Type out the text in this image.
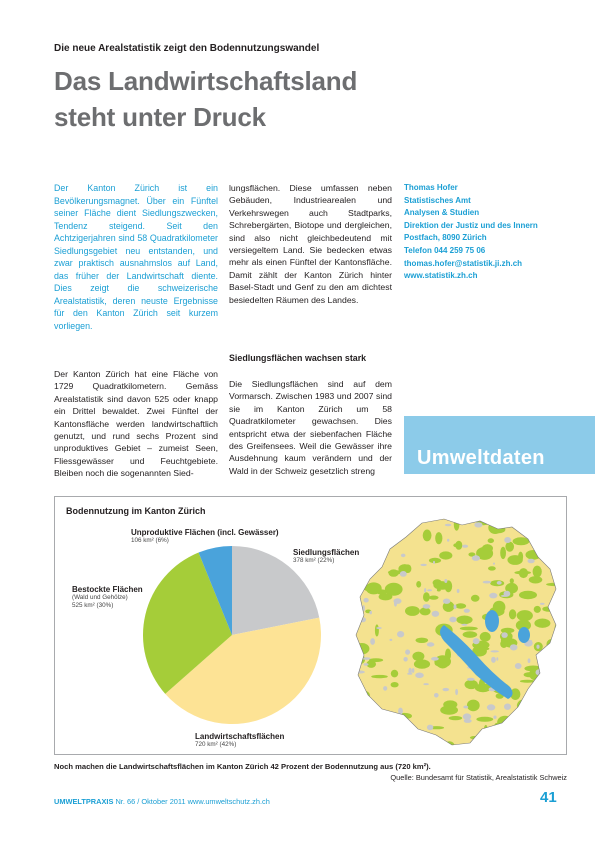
Die neue Arealstatistik zeigt den Bodennutzungswandel
Das Landwirtschaftsland
steht unter Druck
Der Kanton Zürich ist ein Bevölkerungsmagnet. Über ein Fünftel seiner Fläche dient Siedlungszwecken, Tendenz steigend. Seit den Achtzigerjahren sind 58 Quadratkilometer Siedlungsgebiet neu entstanden, und zwar praktisch ausnahmslos auf Land, das früher der Landwirtschaft diente. Dies zeigt die schweizerische Arealstatistik, deren neuste Ergebnisse für den Kanton Zürich seit kurzem vorliegen.
Der Kanton Zürich hat eine Fläche von 1729 Quadratkilometern. Gemäss Arealstatistik sind davon 525 oder knapp ein Drittel bewaldet. Zwei Fünftel der Kantonsfläche werden landwirtschaftlich genutzt, und rund sechs Prozent sind unproduktives Gebiet – zumeist Seen, Fliessgewässer und Feuchtgebiete. Bleiben noch die sogenannten Sied-
lungsflächen. Diese umfassen neben Gebäuden, Industriearealen und Verkehrswegen auch Stadtparks, Schrebergärten, Biotope und dergleichen, sind also nicht gleichbedeutend mit versiegeltem Land. Sie bedecken etwas mehr als einen Fünftel der Kantonsfläche. Damit zählt der Kanton Zürich hinter Basel-Stadt und Genf zu den am dichtest besiedelten Räumen des Landes.
Siedlungsflächen wachsen stark
Die Siedlungsflächen sind auf dem Vormarsch. Zwischen 1983 und 2007 sind sie im Kanton Zürich um 58 Quadratkilometer gewachsen. Dies entspricht etwa der siebenfachen Fläche des Greifensees. Weil die Gewässer ihre Ausdehnung kaum verändern und der Wald in der Schweiz gesetzlich streng
Thomas Hofer
Statistisches Amt
Analysen & Studien
Direktion der Justiz und des Innern
Postfach, 8090 Zürich
Telefon 044 259 75 06
thomas.hofer@statistik.ji.zh.ch
www.statistik.zh.ch
Umweltdaten
Bodennutzung im Kanton Zürich
Unproduktive Flächen (incl. Gewässer)
106 km² (6%)
Siedlungsflächen
378 km² (22%)
Bestockte Flächen
(Wald und Gehölze)
525 km² (30%)
Landwirtschaftsflächen
720 km² (42%)
Noch machen die Landwirtschaftsflächen im Kanton Zürich 42 Prozent der Bodennutzung aus (720 km²).
Quelle: Bundesamt für Statistik, Arealstatistik Schweiz
UMWELTPRAXIS Nr. 66 / Oktober 2011 www.umweltschutz.zh.ch	41
